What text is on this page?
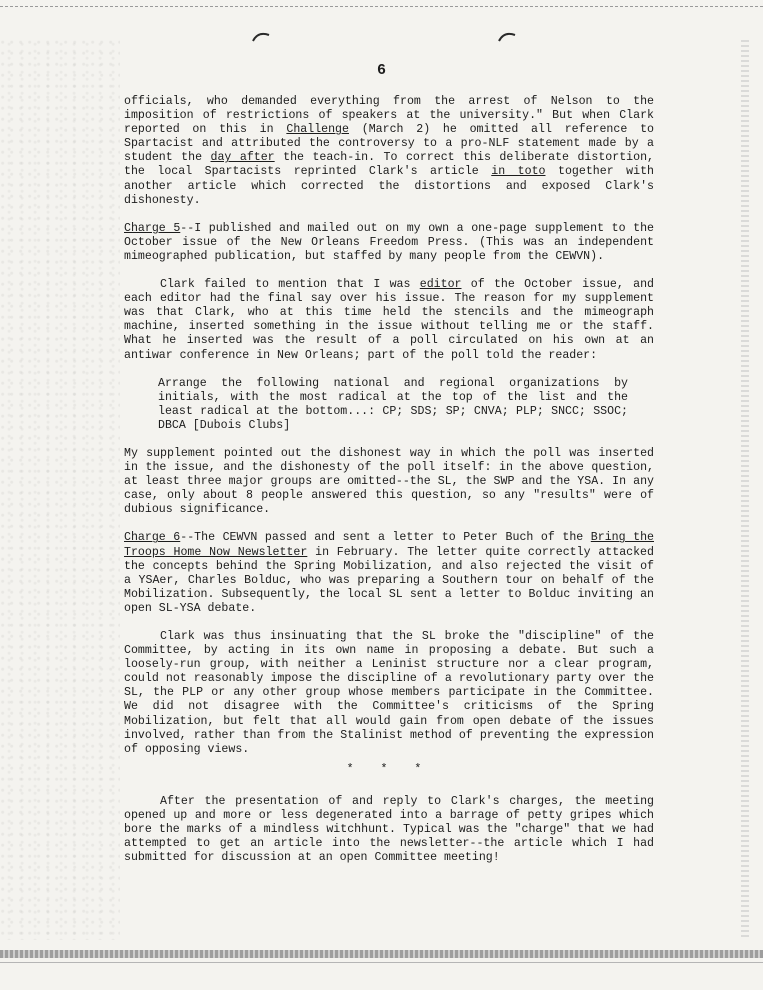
6

officials, who demanded everything from the arrest of Nelson to the imposition of restrictions of speakers at the university." But when Clark reported on this in Challenge (March 2) he omitted all reference to Spartacist and attributed the controversy to a pro-NLF statement made by a student the day after the teach-in. To correct this deliberate distortion, the local Spartacists reprinted Clark's article in toto together with another article which corrected the distortions and exposed Clark's dishonesty.

Charge 5--I published and mailed out on my own a one-page supplement to the October issue of the New Orleans Freedom Press. (This was an independent mimeographed publication, but staffed by many people from the CEWVN).

Clark failed to mention that I was editor of the October issue, and each editor had the final say over his issue. The reason for my supplement was that Clark, who at this time held the stencils and the mimeograph machine, inserted something in the issue without telling me or the staff. What he inserted was the result of a poll circulated on his own at an antiwar conference in New Orleans; part of the poll told the reader:

Arrange the following national and regional organizations by initials, with the most radical at the top of the list and the least radical at the bottom...: CP; SDS; SP; CNVA; PLP; SNCC; SSOC; DBCA [Dubois Clubs]

My supplement pointed out the dishonest way in which the poll was inserted in the issue, and the dishonesty of the poll itself: in the above question, at least three major groups are omitted--the SL, the SWP and the YSA. In any case, only about 8 people answered this question, so any "results" were of dubious significance.

Charge 6--The CEWVN passed and sent a letter to Peter Buch of the Bring the Troops Home Now Newsletter in February. The letter quite correctly attacked the concepts behind the Spring Mobilization, and also rejected the visit of a YSAer, Charles Bolduc, who was preparing a Southern tour on behalf of the Mobilization. Subsequently, the local SL sent a letter to Bolduc inviting an open SL-YSA debate.

Clark was thus insinuating that the SL broke the "discipline" of the Committee, by acting in its own name in proposing a debate. But such a loosely-run group, with neither a Leninist structure nor a clear program, could not reasonably impose the discipline of a revolutionary party over the SL, the PLP or any other group whose members participate in the Committee. We did not disagree with the Committee's criticisms of the Spring Mobilization, but felt that all would gain from open debate of the issues involved, rather than from the Stalinist method of preventing the expression of opposing views.

* * *

After the presentation of and reply to Clark's charges, the meeting opened up and more or less degenerated into a barrage of petty gripes which bore the marks of a mindless witchhunt. Typical was the "charge" that we had attempted to get an article into the newsletter--the article which I had submitted for discussion at an open Committee meeting!
